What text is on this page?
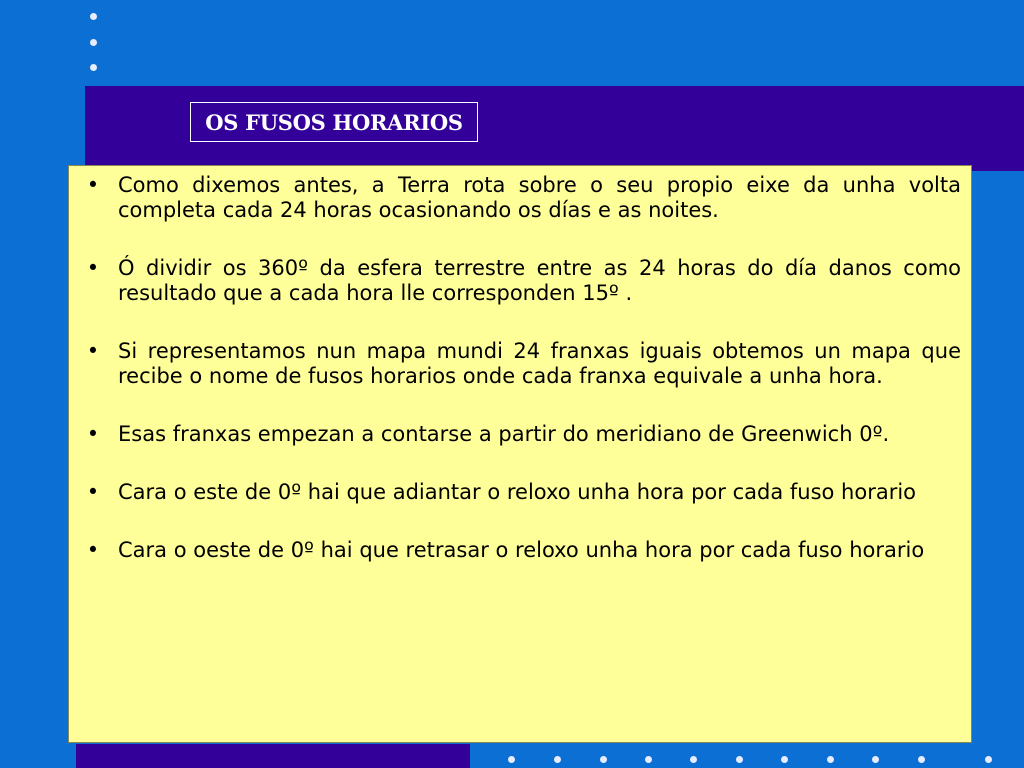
OS FUSOS HORARIOS
• Como dixemos antes, a Terra rota sobre o seu propio eixe da unha volta completa cada 24 horas ocasionando os días e as noites.
• Ó dividir os 360º da esfera terrestre entre as 24 horas do día danos como resultado que a cada hora lle corresponden 15º .
• Si representamos nun mapa mundi 24 franxas iguais obtemos un mapa que recibe o nome de fusos horarios onde cada franxa equivale a unha hora.
• Esas franxas empezan a contarse a partir do meridiano de Greenwich 0º.
• Cara o este de 0º hai que adiantar o reloxo unha hora por cada fuso horario
• Cara o oeste de 0º hai que retrasar o reloxo unha hora por cada fuso horario
